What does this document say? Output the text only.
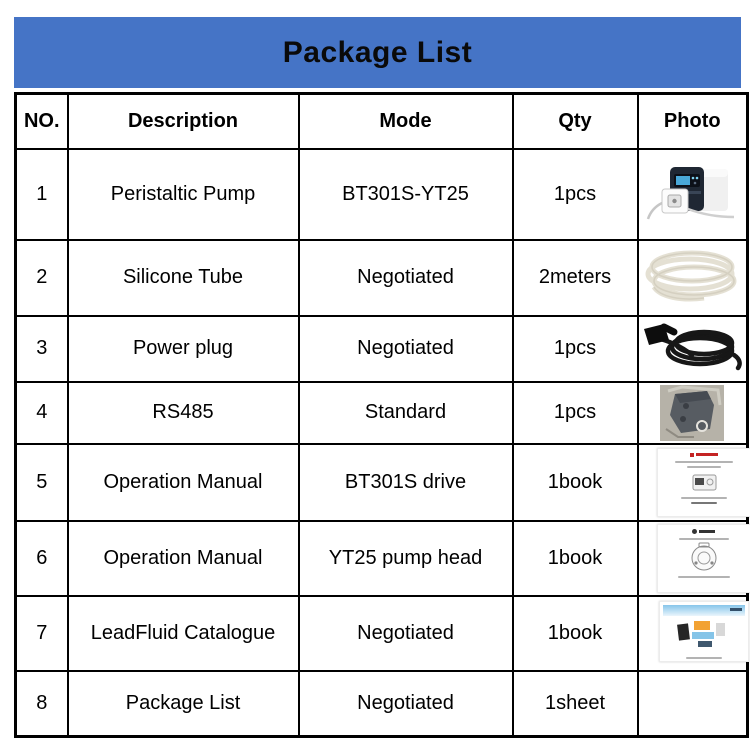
Package List
NO.	Description	Mode	Qty	Photo
1	Peristaltic Pump	BT301S-YT25	1pcs	
2	Silicone Tube	Negotiated	2meters	
3	Power plug	Negotiated	1pcs	
4	RS485	Standard	1pcs	
5	Operation Manual	BT301S drive	1book	

6	Operation Manual	YT25 pump head	1book	

7	LeadFluid Catalogue	Negotiated	1book	

8	Package List	Negotiated	1sheet	
